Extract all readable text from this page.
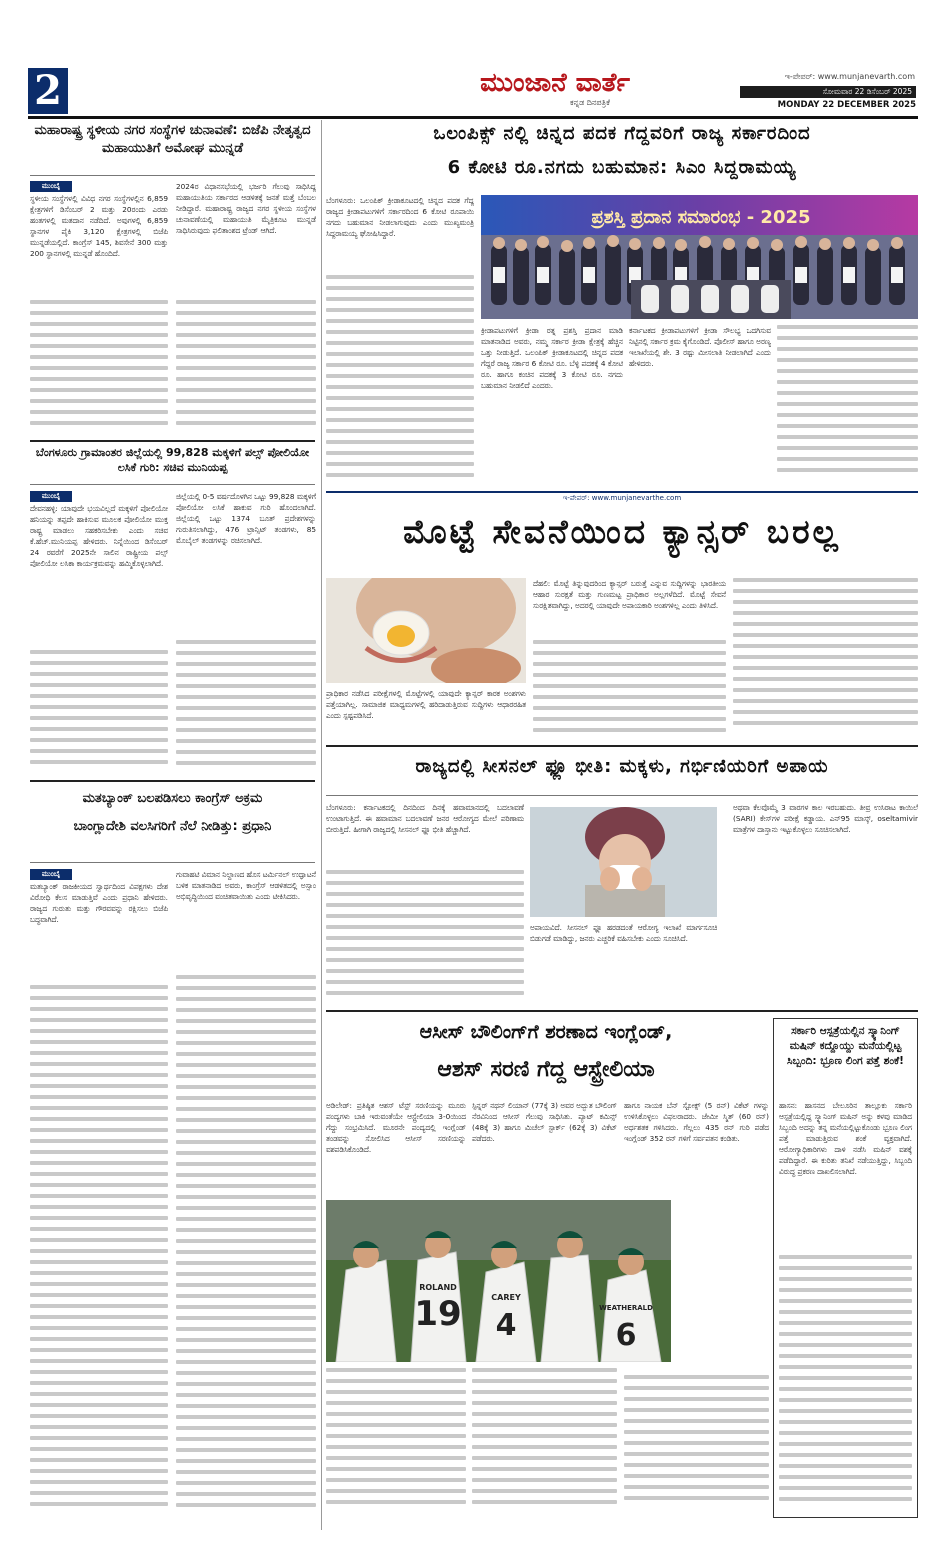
2	ಮುಂಜಾನೆ ವಾರ್ತೆ
ಕನ್ನಡ ದಿನಪತ್ರಿಕೆ
ಇ-ಪೇಪರ್: www.munjanevarth.com
ಸೋಮವಾರ 22 ಡಿಸೆಂಬರ್ 2025
MONDAY 22 DECEMBER 2025
ಮಹಾರಾಷ್ಟ್ರ ಸ್ಥಳೀಯ ನಗರ ಸಂಸ್ಥೆಗಳ ಚುನಾವಣೆ: ಬಿಜೆಪಿ ನೇತೃತ್ವದ ಮಹಾಯುತಿಗೆ ಅಮೋಘ ಮುನ್ನಡೆ
ಮುಂಬೈ
ಸ್ಥಳೀಯ ಸಂಸ್ಥೆಗಳಲ್ಲಿ ವಿವಿಧ ನಗರ ಸಂಸ್ಥೆಗಳಲ್ಲಿನ 6,859 ಕ್ಷೇತ್ರಗಳಿಗೆ ಡಿಸೆಂಬರ್ 2 ಮತ್ತು 20ರಂದು ಎರಡು ಹಂತಗಳಲ್ಲಿ ಮತದಾನ ನಡೆದಿದೆ. ಅವುಗಳಲ್ಲಿ 6,859 ಸ್ಥಾನಗಳ ಪೈಕಿ 3,120 ಕ್ಷೇತ್ರಗಳಲ್ಲಿ ಬಿಜೆಪಿ ಮುನ್ನಡೆಯಲ್ಲಿದೆ. ಕಾಂಗ್ರೆಸ್ 145, ಶಿವಸೇನೆ 300 ಮತ್ತು 200 ಸ್ಥಾನಗಳಲ್ಲಿ ಮುನ್ನಡೆ ಹೊಂದಿದೆ.
2024ರ ವಿಧಾನಸಭೆಯಲ್ಲಿ ಭರ್ಜರಿ ಗೆಲುವು ಸಾಧಿಸಿದ್ದ ಮಹಾಯುತಿಯ ಸರ್ಕಾರದ ಆಡಳಿತಕ್ಕೆ ಜನತೆ ಮತ್ತೆ ಬೆಂಬಲ ನೀಡಿದ್ದಾರೆ. ಮಹಾರಾಷ್ಟ್ರ ರಾಜ್ಯದ ನಗರ ಸ್ಥಳೀಯ ಸಂಸ್ಥೆಗಳ ಚುನಾವಣೆಯಲ್ಲಿ ಮಹಾಯುತಿ ಮೈತ್ರಿಕೂಟ ಮುನ್ನಡೆ ಸಾಧಿಸಿರುವುದು ಫಲಿತಾಂಶದ ಟ್ರೆಂಡ್ ಆಗಿದೆ.
ಬೆಂಗಳೂರು ಗ್ರಾಮಾಂತರ ಜಿಲ್ಲೆಯಲ್ಲಿ 99,828 ಮಕ್ಕಳಿಗೆ ಪಲ್ಸ್ ಪೋಲಿಯೋ ಲಸಿಕೆ ಗುರಿ: ಸಚಿವ ಮುನಿಯಪ್ಪ
ಮುಂಬೈ
ದೇವನಹಳ್ಳಿ: ಯಾವುದೇ ಭಯವಿಲ್ಲದೆ ಮಕ್ಕಳಿಗೆ ಪೋಲಿಯೋ ಹನಿಯನ್ನು ತಪ್ಪದೇ ಹಾಕಿಸುವ ಮೂಲಕ ಪೋಲಿಯೋ ಮುಕ್ತ ರಾಷ್ಟ್ರ ಮಾಡಲು ಸಹಕರಿಸಬೇಕು ಎಂದು ಸಚಿವ ಕೆ.ಹೆಚ್.ಮುನಿಯಪ್ಪ ಹೇಳಿದರು. ನಿನ್ನೆಯಿಂದ ಡಿಸೆಂಬರ್ 24 ರವರೆಗೆ 2025ನೇ ಸಾಲಿನ ರಾಷ್ಟ್ರೀಯ ಪಲ್ಸ್ ಪೋಲಿಯೋ ಲಸಿಕಾ ಕಾರ್ಯಕ್ರಮವನ್ನು ಹಮ್ಮಿಕೊಳ್ಳಲಾಗಿದೆ.
ಜಿಲ್ಲೆಯಲ್ಲಿ 0-5 ವರ್ಷದೊಳಗಿನ ಒಟ್ಟು 99,828 ಮಕ್ಕಳಿಗೆ ಪೋಲಿಯೋ ಲಸಿಕೆ ಹಾಕುವ ಗುರಿ ಹೊಂದಲಾಗಿದೆ. ಜಿಲ್ಲೆಯಲ್ಲಿ ಒಟ್ಟು 1374 ಬೂತ್ ಪ್ರದೇಶಗಳನ್ನು ಗುರುತಿಸಲಾಗಿದ್ದು, 476 ಟ್ರಾನ್ಸಿಟ್ ತಂಡಗಳು, 85 ಮೊಬೈಲ್ ತಂಡಗಳನ್ನು ರಚಿಸಲಾಗಿದೆ.
ಮತಬ್ಯಾಂಕ್ ಬಲಪಡಿಸಲು ಕಾಂಗ್ರೆಸ್ ಅಕ್ರಮ
ಬಾಂಗ್ಲಾದೇಶಿ ವಲಸಿಗರಿಗೆ ನೆಲೆ ನೀಡಿತ್ತು: ಪ್ರಧಾನಿ
ಮುಂಬೈ
ಮತಬ್ಯಾಂಕ್ ರಾಜಕೀಯದ ಸ್ವಾರ್ಥದಿಂದ ವಿಪಕ್ಷಗಳು ದೇಶ ವಿರೋಧಿ ಕೆಲಸ ಮಾಡುತ್ತಿವೆ ಎಂದು ಪ್ರಧಾನಿ ಹೇಳಿದರು. ರಾಜ್ಯದ ಗುರುತು ಮತ್ತು ಗೌರವವನ್ನು ರಕ್ಷಿಸಲು ಬಿಜೆಪಿ ಬದ್ಧವಾಗಿದೆ.
ಗುವಾಹಟಿ ವಿಮಾನ ನಿಲ್ದಾಣದ ಹೊಸ ಟರ್ಮಿನಲ್ ಉದ್ಘಾಟನೆ ಬಳಿಕ ಮಾತನಾಡಿದ ಅವರು, ಕಾಂಗ್ರೆಸ್ ಆಡಳಿತದಲ್ಲಿ ಅಸ್ಸಾಂ ಅಭಿವೃದ್ಧಿಯಿಂದ ವಂಚಿತವಾಯಿತು ಎಂದು ಟೀಕಿಸಿದರು.
ಒಲಂಪಿಕ್ಸ್ ನಲ್ಲಿ ಚಿನ್ನದ ಪದಕ ಗೆದ್ದವರಿಗೆ ರಾಜ್ಯ ಸರ್ಕಾರದಿಂದ
6 ಕೋಟಿ ರೂ.ನಗದು ಬಹುಮಾನ: ಸಿಎಂ ಸಿದ್ದರಾಮಯ್ಯ
ಬೆಂಗಳೂರು: ಒಲಂಪಿಕ್ ಕ್ರೀಡಾಕೂಟದಲ್ಲಿ ಚಿನ್ನದ ಪದಕ ಗೆದ್ದ ರಾಜ್ಯದ ಕ್ರೀಡಾಪಟುಗಳಿಗೆ ಸರ್ಕಾರದಿಂದ 6 ಕೋಟಿ ರೂಪಾಯಿ ನಗದು ಬಹುಮಾನ ನೀಡಲಾಗುವುದು ಎಂದು ಮುಖ್ಯಮಂತ್ರಿ ಸಿದ್ದರಾಮಯ್ಯ ಘೋಷಿಸಿದ್ದಾರೆ.
ಪ್ರಶಸ್ತಿ ಪ್ರದಾನ ಸಮಾರಂಭ - 2025
ಕ್ರೀಡಾಪಟುಗಳಿಗೆ ಕ್ರೀಡಾ ರತ್ನ ಪ್ರಶಸ್ತಿ ಪ್ರದಾನ ಮಾಡಿ ಮಾತನಾಡಿದ ಅವರು, ನಮ್ಮ ಸರ್ಕಾರ ಕ್ರೀಡಾ ಕ್ಷೇತ್ರಕ್ಕೆ ಹೆಚ್ಚಿನ ಒತ್ತು ನೀಡುತ್ತಿದೆ. ಒಲಂಪಿಕ್ ಕ್ರೀಡಾಕೂಟದಲ್ಲಿ ಚಿನ್ನದ ಪದಕ ಗೆದ್ದರೆ ರಾಜ್ಯ ಸರ್ಕಾರ 6 ಕೋಟಿ ರೂ. ಬೆಳ್ಳಿ ಪದಕಕ್ಕೆ 4 ಕೋಟಿ ರೂ. ಹಾಗೂ ಕಂಚಿನ ಪದಕಕ್ಕೆ 3 ಕೋಟಿ ರೂ. ನಗದು ಬಹುಮಾನ ನೀಡಲಿದೆ ಎಂದರು.
ಕರ್ನಾಟಕದ ಕ್ರೀಡಾಪಟುಗಳಿಗೆ ಕ್ರೀಡಾ ಸೌಲಭ್ಯ ಒದಗಿಸುವ ನಿಟ್ಟಿನಲ್ಲಿ ಸರ್ಕಾರ ಕ್ರಮ ಕೈಗೊಂಡಿದೆ. ಪೊಲೀಸ್ ಹಾಗೂ ಅರಣ್ಯ ಇಲಾಖೆಯಲ್ಲಿ ಶೇ. 3 ರಷ್ಟು ಮೀಸಲಾತಿ ನೀಡಲಾಗಿದೆ ಎಂದು ಹೇಳಿದರು.
ಇ-ಪೇಪರ್: www.munjanevarthe.com
ಮೊಟ್ಟೆ ಸೇವನೆಯಿಂದ ಕ್ಯಾನ್ಸರ್ ಬರಲ್ಲ
ದೆಹಲಿ: ಮೊಟ್ಟೆ ತಿನ್ನುವುದರಿಂದ ಕ್ಯಾನ್ಸರ್ ಬರುತ್ತೆ ಎನ್ನುವ ಸುದ್ದಿಗಳನ್ನು ಭಾರತೀಯ ಆಹಾರ ಸುರಕ್ಷತೆ ಮತ್ತು ಗುಣಮಟ್ಟ ಪ್ರಾಧಿಕಾರ ಅಲ್ಲಗಳೆದಿದೆ. ಮೊಟ್ಟೆ ಸೇವನೆ ಸುರಕ್ಷಿತವಾಗಿದ್ದು, ಅದರಲ್ಲಿ ಯಾವುದೇ ಅಪಾಯಕಾರಿ ಅಂಶಗಳಿಲ್ಲ ಎಂದು ತಿಳಿಸಿದೆ.
ಪ್ರಾಧಿಕಾರ ನಡೆಸಿದ ಪರೀಕ್ಷೆಗಳಲ್ಲಿ ಮೊಟ್ಟೆಗಳಲ್ಲಿ ಯಾವುದೇ ಕ್ಯಾನ್ಸರ್ ಕಾರಕ ಅಂಶಗಳು ಪತ್ತೆಯಾಗಿಲ್ಲ. ಸಾಮಾಜಿಕ ಮಾಧ್ಯಮಗಳಲ್ಲಿ ಹರಿದಾಡುತ್ತಿರುವ ಸುದ್ದಿಗಳು ಆಧಾರರಹಿತ ಎಂದು ಸ್ಪಷ್ಟಪಡಿಸಿದೆ.
ರಾಜ್ಯದಲ್ಲಿ ಸೀಸನಲ್ ಫ್ಲೂ ಭೀತಿ: ಮಕ್ಕಳು, ಗರ್ಭಿಣಿಯರಿಗೆ ಅಪಾಯ
ಬೆಂಗಳೂರು: ಕರ್ನಾಟಕದಲ್ಲಿ ದಿನದಿಂದ ದಿನಕ್ಕೆ ಹವಾಮಾನದಲ್ಲಿ ಬದಲಾವಣೆ ಉಂಟಾಗುತ್ತಿದೆ. ಈ ಹವಾಮಾನ ಬದಲಾವಣೆ ಜನರ ಆರೋಗ್ಯದ ಮೇಲೆ ಪರಿಣಾಮ ಬೀರುತ್ತಿದೆ. ಹೀಗಾಗಿ ರಾಜ್ಯದಲ್ಲಿ ಸೀಸನಲ್ ಫ್ಲೂ ಭೀತಿ ಹೆಚ್ಚಾಗಿದೆ.
ಅಪಾಯವಿದೆ. ಸೀಸನಲ್ ಫ್ಲೂ ಹರಡದಂತೆ ಆರೋಗ್ಯ ಇಲಾಖೆ ಮಾರ್ಗಸೂಚಿ ಬಿಡುಗಡೆ ಮಾಡಿದ್ದು, ಜನರು ಎಚ್ಚರಿಕೆ ವಹಿಸಬೇಕು ಎಂದು ಸೂಚಿಸಿದೆ.
ಅಥವಾ ಕೆಲವೊಮ್ಮೆ 3 ವಾರಗಳ ಕಾಲ ಇರಬಹುದು. ತೀವ್ರ ಉಸಿರಾಟ ಕಾಯಿಲೆ (SARI) ಕೇಸ್‌ಗಳ ಪರೀಕ್ಷೆ ಕಡ್ಡಾಯ. ಎನ್‌95 ಮಾಸ್ಕ್, oseltamivir ಮಾತ್ರೆಗಳ ದಾಸ್ತಾನು ಇಟ್ಟುಕೊಳ್ಳಲು ಸೂಚಿಸಲಾಗಿದೆ.
ಆಸೀಸ್ ಬೌಲಿಂಗ್‌ಗೆ ಶರಣಾದ ಇಂಗ್ಲೆಂಡ್,
ಆಶಸ್ ಸರಣಿ ಗೆದ್ದ ಆಸ್ಟ್ರೇಲಿಯಾ
ಅಡಿಲೇಡ್: ಪ್ರತಿಷ್ಠಿತ ಆಶಸ್ ಟೆಸ್ಟ್ ಸರಣಿಯನ್ನು ಮೂರು ಪಂದ್ಯಗಳು ಬಾಕಿ ಇರುವಂತೆಯೇ ಆಸ್ಟ್ರೇಲಿಯಾ 3-0ಯಿಂದ ಗೆದ್ದು ಸಂಭ್ರಮಿಸಿದೆ. ಮೂರನೇ ಪಂದ್ಯದಲ್ಲಿ ಇಂಗ್ಲೆಂಡ್ ತಂಡವನ್ನು ಸೋಲಿಸಿದ ಆಸೀಸ್ ಸರಣಿಯನ್ನು ವಶಪಡಿಸಿಕೊಂಡಿದೆ.
ಸ್ಪಿನ್ನರ್ ನಥನ್ ಲಿಯಾನ್ (77ಕ್ಕೆ 3) ಅವರ ಅದ್ಭುತ ಬೌಲಿಂಗ್ ನೆರವಿನಿಂದ ಆಸೀಸ್ ಗೆಲುವು ಸಾಧಿಸಿತು. ಪ್ಯಾಟ್ ಕಮಿನ್ಸ್ (48ಕ್ಕೆ 3) ಹಾಗೂ ಮಿಚೆಲ್ ಸ್ಟಾರ್ಕ್ (62ಕ್ಕೆ 3) ವಿಕೆಟ್ ಪಡೆದರು.
ಹಾಗೂ ನಾಯಕ ಬೆನ್ ಸ್ಟೋಕ್ಸ್ (5 ರನ್) ವಿಕೆಟ್ ಗಳನ್ನು ಉಳಿಸಿಕೊಳ್ಳಲು ವಿಫಲರಾದರು. ಜೇಮೀ ಸ್ಮಿತ್ (60 ರನ್) ಅರ್ಧಶತಕ ಗಳಿಸಿದರು. ಗೆಲ್ಲಲು 435 ರನ್ ಗುರಿ ಪಡೆದ ಇಂಗ್ಲೆಂಡ್ 352 ರನ್ ಗಳಿಗೆ ಸರ್ವಪತನ ಕಂಡಿತು.
ROLAND
19	CAREY
4	WEATHERALD
6
ಸರ್ಕಾರಿ ಆಸ್ಪತ್ರೆಯಲ್ಲಿನ ಸ್ಕ್ಯಾನಿಂಗ್ ಮಷಿನ್ ಕದ್ದೊಯ್ದು ಮನೆಯಲ್ಲಿಟ್ಟ ಸಿಬ್ಬಂದಿ: ಭ್ರೂಣ ಲಿಂಗ ಪತ್ತೆ ಶಂಕೆ!
ಹಾಸನ: ಹಾಸನದ ಬೇಲೂರಿನ ತಾಲ್ಲೂಕು ಸರ್ಕಾರಿ ಆಸ್ಪತ್ರೆಯಲ್ಲಿದ್ದ ಸ್ಕ್ಯಾನಿಂಗ್ ಮಷಿನ್ ಅನ್ನು ಕಳವು ಮಾಡಿದ ಸಿಬ್ಬಂದಿ ಅದನ್ನು ತನ್ನ ಮನೆಯಲ್ಲಿಟ್ಟುಕೊಂಡು ಭ್ರೂಣ ಲಿಂಗ ಪತ್ತೆ ಮಾಡುತ್ತಿರುವ ಶಂಕೆ ವ್ಯಕ್ತವಾಗಿದೆ. ಆರೋಗ್ಯಾಧಿಕಾರಿಗಳು ದಾಳಿ ನಡೆಸಿ ಮಷಿನ್ ವಶಕ್ಕೆ ಪಡೆದಿದ್ದಾರೆ. ಈ ಕುರಿತು ತನಿಖೆ ನಡೆಯುತ್ತಿದ್ದು, ಸಿಬ್ಬಂದಿ ವಿರುದ್ಧ ಪ್ರಕರಣ ದಾಖಲಿಸಲಾಗಿದೆ.
